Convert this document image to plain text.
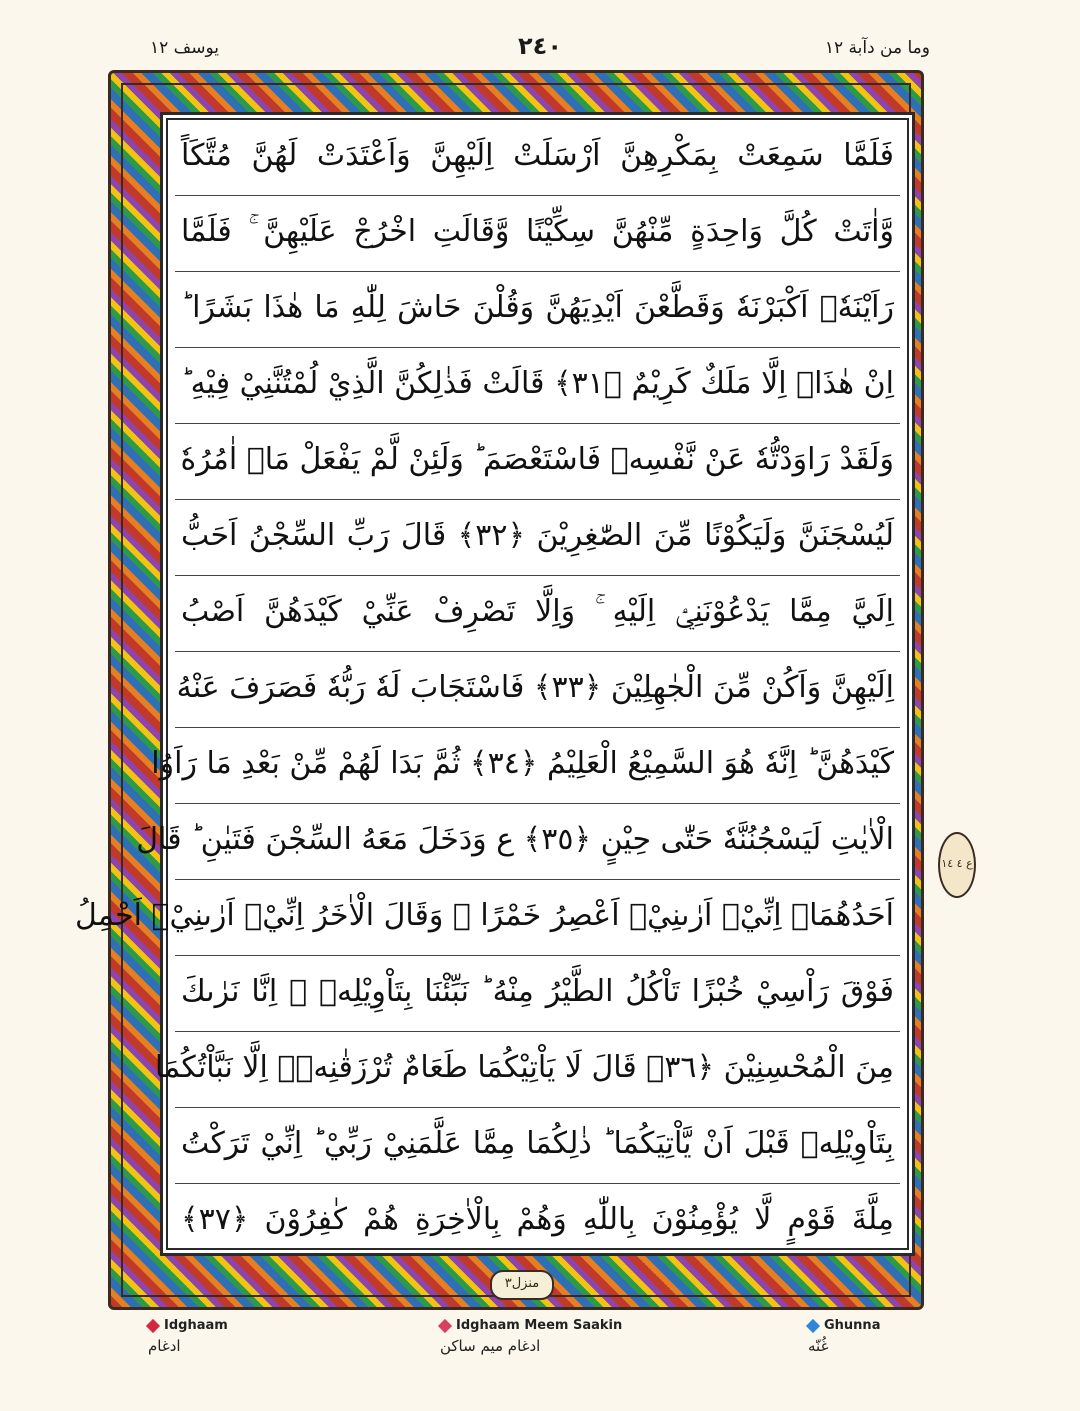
يوسف ١٢	٢٤٠	وما من دآبة ١٢
فَلَمَّا سَمِعَتْ بِمَكْرِهِنَّ اَرْسَلَتْ اِلَيْهِنَّ وَاَعْتَدَتْ لَهُنَّ مُتَّكَاً
وَّاٰتَتْ كُلَّ وَاحِدَةٍ مِّنْهُنَّ سِكِّيْنًا وَّقَالَتِ اخْرُجْ عَلَيْهِنَّ ۚ فَلَمَّا
رَاَيْنَهٗۤ اَكْبَرْنَهٗ وَقَطَّعْنَ اَيْدِيَهُنَّ وَقُلْنَ حَاشَ لِلّٰهِ مَا هٰذَا بَشَرًا ؕ
اِنْ هٰذَاۤ اِلَّا مَلَكٌ كَرِيْمٌ ﴿٣١﴾ قَالَتْ فَذٰلِكُنَّ الَّذِيْ لُمْتُنَّنِيْ فِيْهِ ؕ
وَلَقَدْ رَاوَدْتُّهٗ عَنْ نَّفْسِهٖ فَاسْتَعْصَمَ ؕ وَلَئِنْ لَّمْ يَفْعَلْ مَاۤ اٰمُرُهٗ
لَيُسْجَنَنَّ وَلَيَكُوْنًا مِّنَ الصّٰغِرِيْنَ ﴿٣٢﴾ قَالَ رَبِّ السِّجْنُ اَحَبُّ
اِلَيَّ مِمَّا يَدْعُوْنَنِيْۤ اِلَيْهِ ۚ وَاِلَّا تَصْرِفْ عَنِّيْ كَيْدَهُنَّ اَصْبُ
اِلَيْهِنَّ وَاَكُنْ مِّنَ الْجٰهِلِيْنَ ﴿٣٣﴾ فَاسْتَجَابَ لَهٗ رَبُّهٗ فَصَرَفَ عَنْهُ
كَيْدَهُنَّ ؕ اِنَّهٗ هُوَ السَّمِيْعُ الْعَلِيْمُ ﴿٣٤﴾ ثُمَّ بَدَا لَهُمْ مِّنْ بَعْدِ مَا رَاَوُا
الْاٰيٰتِ لَيَسْجُنُنَّهٗ حَتّٰى حِيْنٍ ﴿٣٥﴾ ع وَدَخَلَ مَعَهُ السِّجْنَ فَتَيٰنِ ؕ قَالَ
اَحَدُهُمَاۤ اِنِّيْۤ اَرٰىنِيْۤ اَعْصِرُ خَمْرًا ۚ وَقَالَ الْاٰخَرُ اِنِّيْۤ اَرٰىنِيْۤ اَحْمِلُ
فَوْقَ رَاْسِيْ خُبْزًا تَاْكُلُ الطَّيْرُ مِنْهُ ؕ نَبِّئْنَا بِتَاْوِيْلِهٖ ۚ اِنَّا نَرٰىكَ
مِنَ الْمُحْسِنِيْنَ ﴿٣٦﴾ قَالَ لَا يَاْتِيْكُمَا طَعَامٌ تُرْزَقٰنِهٖۤ اِلَّا نَبَّاْتُكُمَا
بِتَاْوِيْلِهٖ قَبْلَ اَنْ يَّاْتِيَكُمَا ؕ ذٰلِكُمَا مِمَّا عَلَّمَنِيْ رَبِّيْ ؕ اِنِّيْ تَرَكْتُ
مِلَّةَ قَوْمٍ لَّا يُؤْمِنُوْنَ بِاللّٰهِ وَهُمْ بِالْاٰخِرَةِ هُمْ كٰفِرُوْنَ ﴿٣٧﴾
منزل٣
ع ٤ ١٤
Idghaam
ادغام
Idghaam Meem Saakin
ادغام میم ساکن
Ghunna
غُنّه
